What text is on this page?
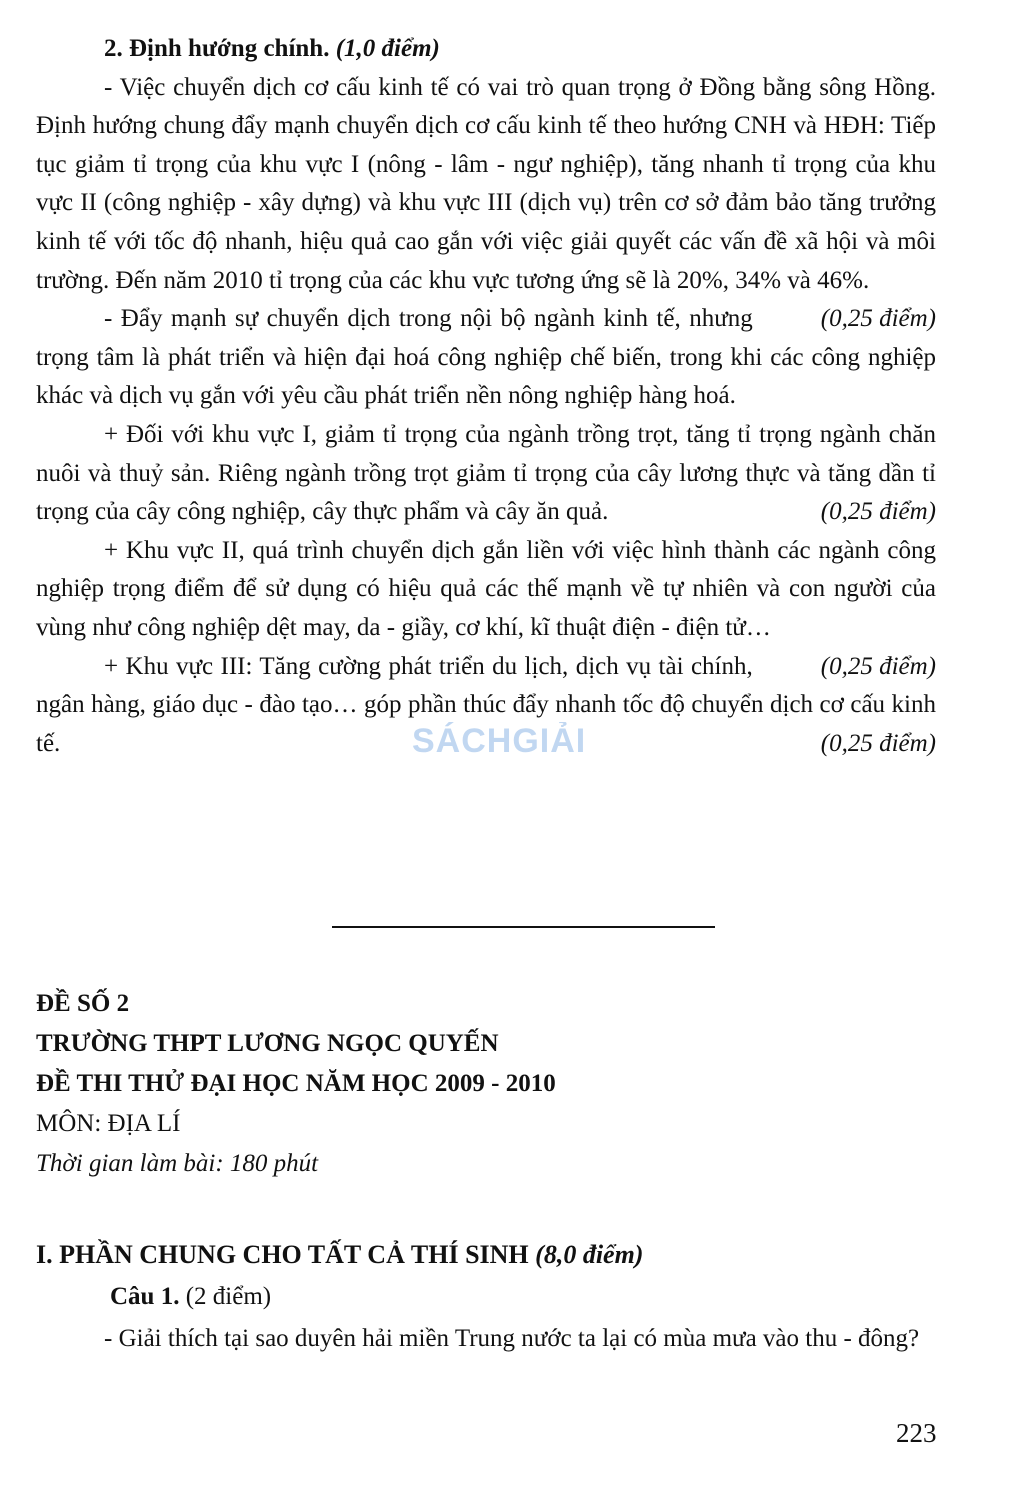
2. Định hướng chính. (1,0 điểm)

- Việc chuyển dịch cơ cấu kinh tế có vai trò quan trọng ở Đồng bằng sông Hồng. Định hướng chung đẩy mạnh chuyển dịch cơ cấu kinh tế theo hướng CNH và HĐH: Tiếp tục giảm tỉ trọng của khu vực I (nông - lâm - ngư nghiệp), tăng nhanh tỉ trọng của khu vực II (công nghiệp - xây dựng) và khu vực III (dịch vụ) trên cơ sở đảm bảo tăng trưởng kinh tế với tốc độ nhanh, hiệu quả cao gắn với việc giải quyết các vấn đề xã hội và môi trường. Đến năm 2010 tỉ trọng của các khu vực tương ứng sẽ là 20%, 34% và 46%.
(0,25 điểm)

- Đẩy mạnh sự chuyển dịch trong nội bộ ngành kinh tế, nhưng trọng tâm là phát triển và hiện đại hoá công nghiệp chế biến, trong khi các công nghiệp khác và dịch vụ gắn với yêu cầu phát triển nền nông nghiệp hàng hoá.

+ Đối với khu vực I, giảm tỉ trọng của ngành trồng trọt, tăng tỉ trọng ngành chăn nuôi và thuỷ sản. Riêng ngành trồng trọt giảm tỉ trọng của cây lương thực và tăng dần tỉ trọng của cây công nghiệp, cây thực phẩm và cây ăn quả.	(0,25 điểm)

+ Khu vực II, quá trình chuyển dịch gắn liền với việc hình thành các ngành công nghiệp trọng điểm để sử dụng có hiệu quả các thế mạnh về tự nhiên và con người của vùng như công nghiệp dệt may, da - giầy, cơ khí, kĩ thuật điện - điện tử…
(0,25 điểm)

+ Khu vực III: Tăng cường phát triển du lịch, dịch vụ tài chính, ngân hàng, giáo dục - đào tạo… góp phần thúc đẩy nhanh tốc độ chuyển dịch cơ cấu kinh tế.	(0,25 điểm)

SÁCHGIẢI

ĐỀ SỐ 2

TRƯỜNG THPT LƯƠNG NGỌC QUYẾN

ĐỀ THI THỬ ĐẠI HỌC NĂM HỌC 2009 - 2010

MÔN: ĐỊA LÍ

Thời gian làm bài: 180 phút

I. PHẦN CHUNG CHO TẤT CẢ THÍ SINH (8,0 điểm)

Câu 1. (2 điểm)

- Giải thích tại sao duyên hải miền Trung nước ta lại có mùa mưa vào thu - đông?

223
